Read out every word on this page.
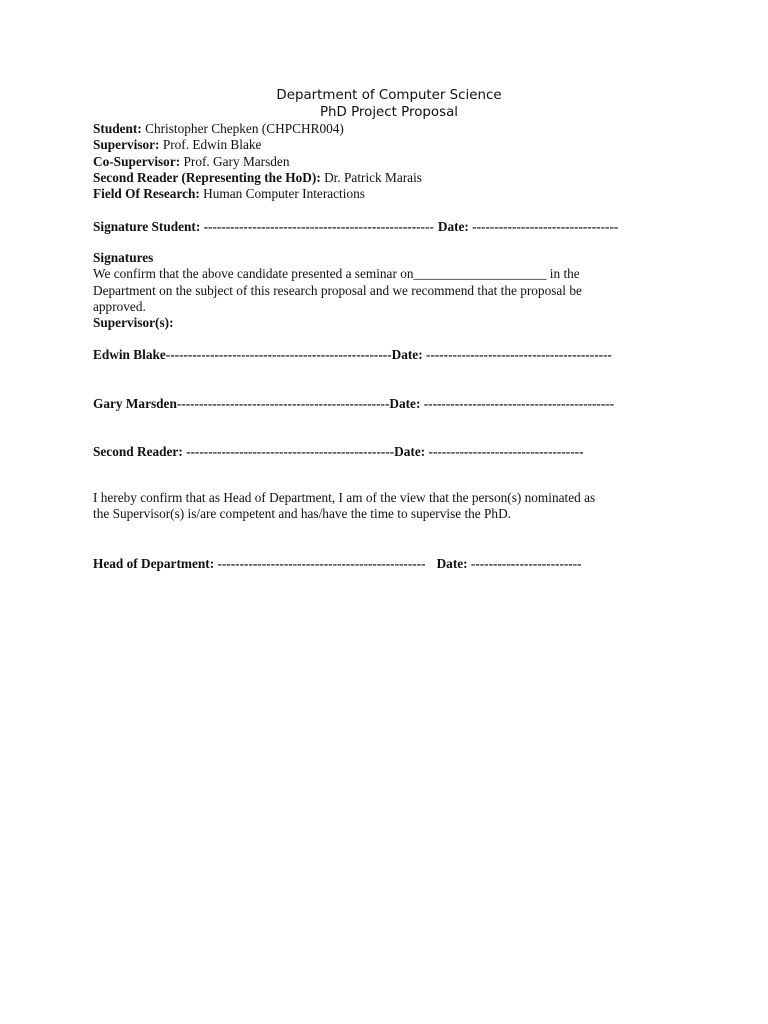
Department of Computer Science
PhD Project Proposal
Student: Christopher Chepken (CHPCHR004)
Supervisor: Prof. Edwin Blake
Co-Supervisor: Prof. Gary Marsden
Second Reader (Representing the HoD): Dr. Patrick Marais
Field Of Research: Human Computer Interactions
Signature Student: ---------------------------------------------------- Date: ---------------------------------
Signatures
We confirm that the above candidate presented a seminar on____________________ in the
Department on the subject of this research proposal and we recommend that the proposal be
approved.
Supervisor(s):
Edwin Blake---------------------------------------------------Date: ------------------------------------------
Gary Marsden------------------------------------------------Date: -------------------------------------------
Second Reader: -----------------------------------------------Date: -----------------------------------
I hereby confirm that as Head of Department, I am of the view that the person(s) nominated as
the Supervisor(s) is/are competent and has/have the time to supervise the PhD.
Head of Department: ----------------------------------------------- Date: -------------------------
